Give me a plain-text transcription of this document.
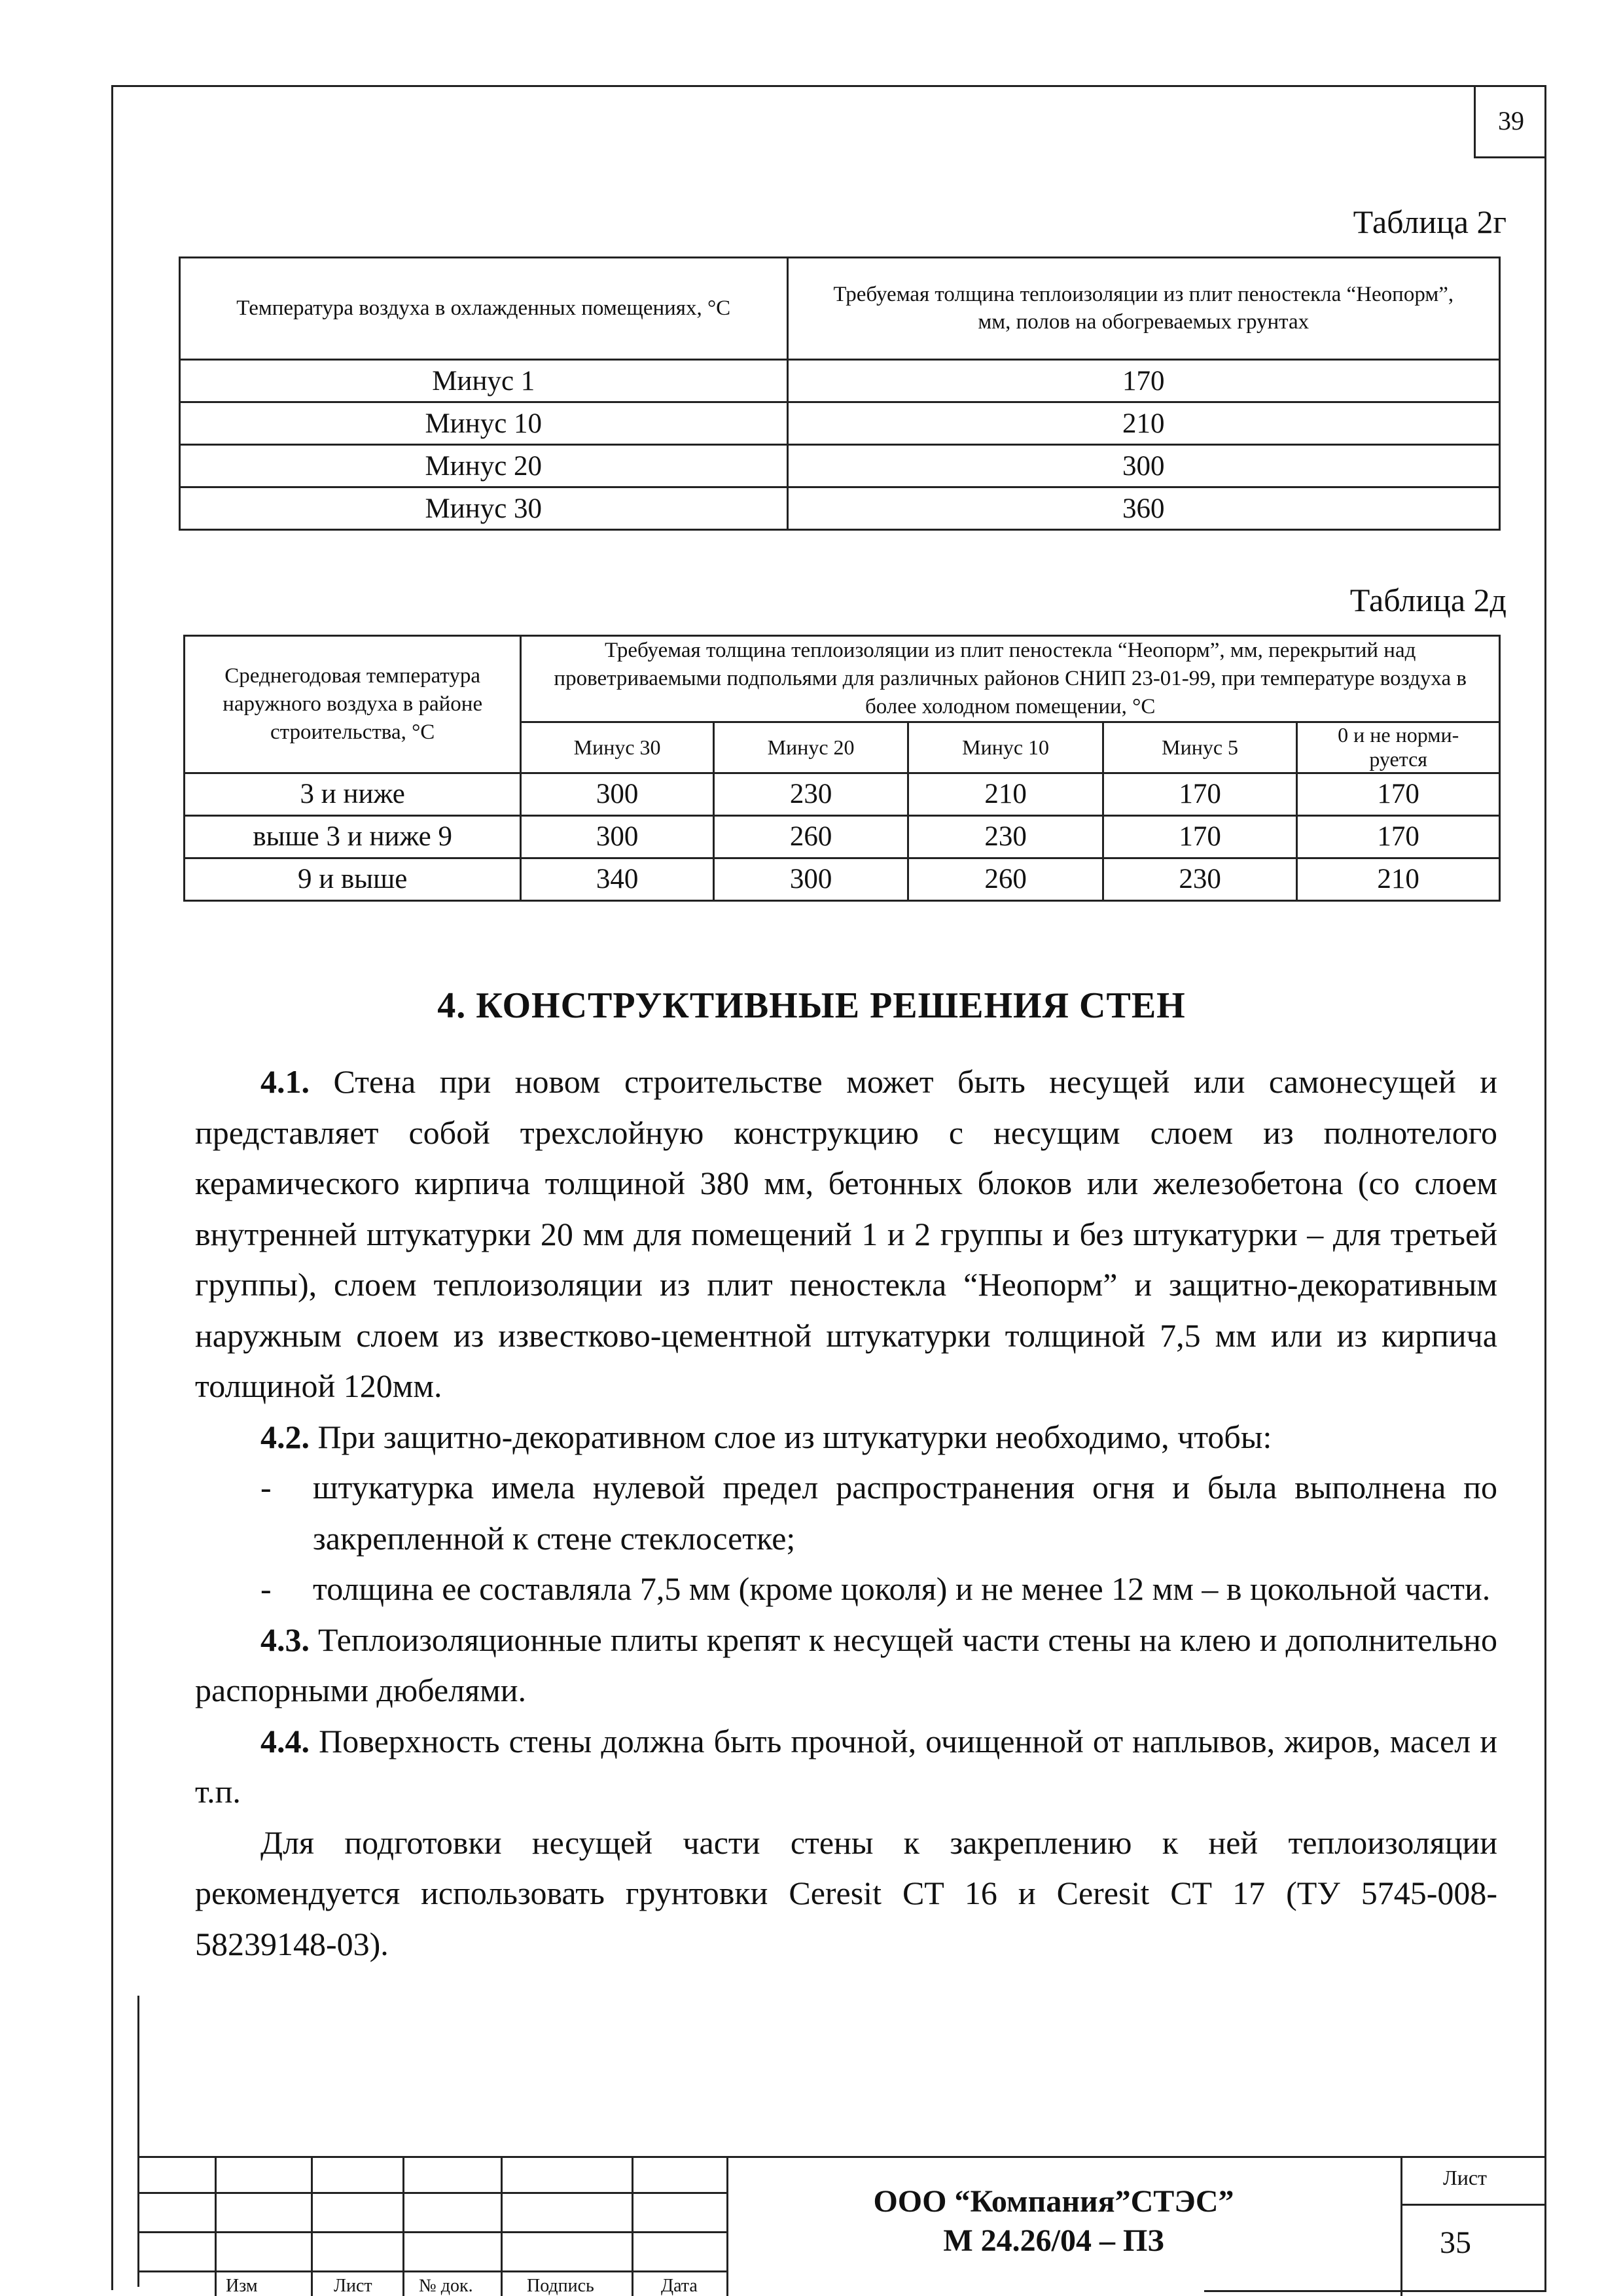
39
Таблица 2г
Температура воздуха в охлажденных помещениях, °С	Требуемая толщина теплоизоляции из плит пеностекла “Неопорм”, мм, полов на обогреваемых грунтах
Минус 1	170
Минус 10	210
Минус 20	300
Минус 30	360
Таблица 2д
Среднегодовая температура наружного воздуха в районе строительства, °С	Требуемая толщина теплоизоляции из плит пеностекла “Неопорм”, мм, перекрытий над проветриваемыми подпольями для различных районов СНИП 23-01-99, при температуре воздуха в более холодном помещении, °С				
	Минус 30	Минус 20	Минус 10	Минус 5	0 и не норми-руется
3 и ниже	300	230	210	170	170
выше 3 и ниже 9	300	260	230	170	170
9 и выше	340	300	260	230	210
4. КОНСТРУКТИВНЫЕ РЕШЕНИЯ СТЕН

4.1. Стена при новом строительстве может быть несущей или самонесущей и представляет собой трехслойную конструкцию с несущим слоем из полнотелого керамического кирпича толщиной 380 мм, бетонных блоков или железобетона (со слоем внутренней штукатурки 20 мм для помещений 1 и 2 группы и без штукатурки – для третьей группы), слоем теплоизоляции из плит пеностекла “Неопорм” и защитно-декоративным наружным слоем из известково-цементной штукатурки толщиной 7,5 мм или из кирпича толщиной 120мм.

4.2. При защитно-декоративном слое из штукатурки необходимо, чтобы:

-	штукатурка имела нулевой предел распространения огня и была выполнена по закрепленной к стене стеклосетке;
-	толщина ее составляла 7,5 мм (кроме цоколя) и не менее 12 мм – в цокольной части.

4.3. Теплоизоляционные плиты крепят к несущей части стены на клею и дополнительно распорными дюбелями.

4.4. Поверхность стены должна быть прочной, очищенной от наплывов, жиров, масел и т.п.

Для подготовки несущей части стены к закреплению к ней теплоизоляции рекомендуется использовать грунтовки Ceresit CT 16 и Ceresit CT 17 (ТУ 5745-008-58239148-03).

ООО “Компания”СТЭС”
М 24.26/04 – ПЗ
Лист
35
Изм	Лист	№ док.	Подпись	Дата
